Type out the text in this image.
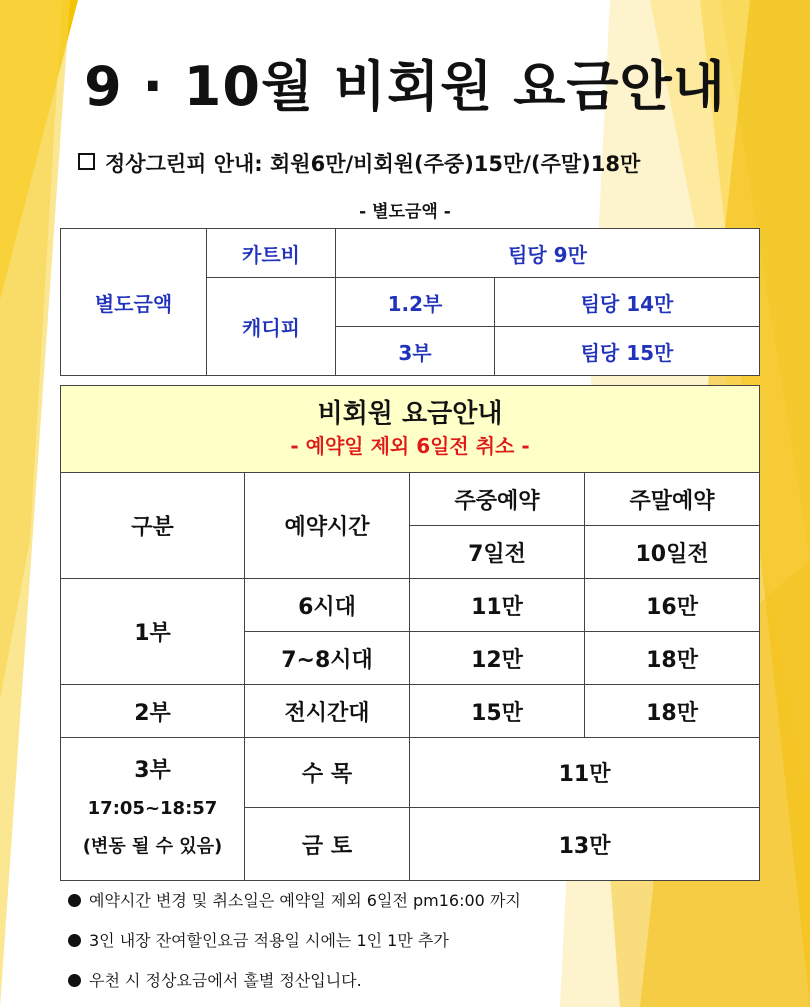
9 · 10월 비회원 요금안내
정상그린피 안내: 회원6만/비회원(주중)15만/(주말)18만
- 별도금액 -
별도금액	카트비	팀당 9만	
	캐디피	1.2부	팀당 14만
		3부	팀당 15만
비회원 요금안내
- 예약일 제외 6일전 취소 -			

구분	예약시간	주중예약	주말예약
		7일전	10일전
1부	6시대	11만	16만
	7~8시대	12만	18만
2부	전시간대	15만	18만

3부
17:05~18:57
(변동 될 수 있음)	수 목	11만	
	금 토	13만	
예약시간 변경 및 취소일은 예약일 제외 6일전 pm16:00 까지
3인 내장 잔여할인요금 적용일 시에는 1인 1만 추가
우천 시 정상요금에서 홀별 정산입니다.
